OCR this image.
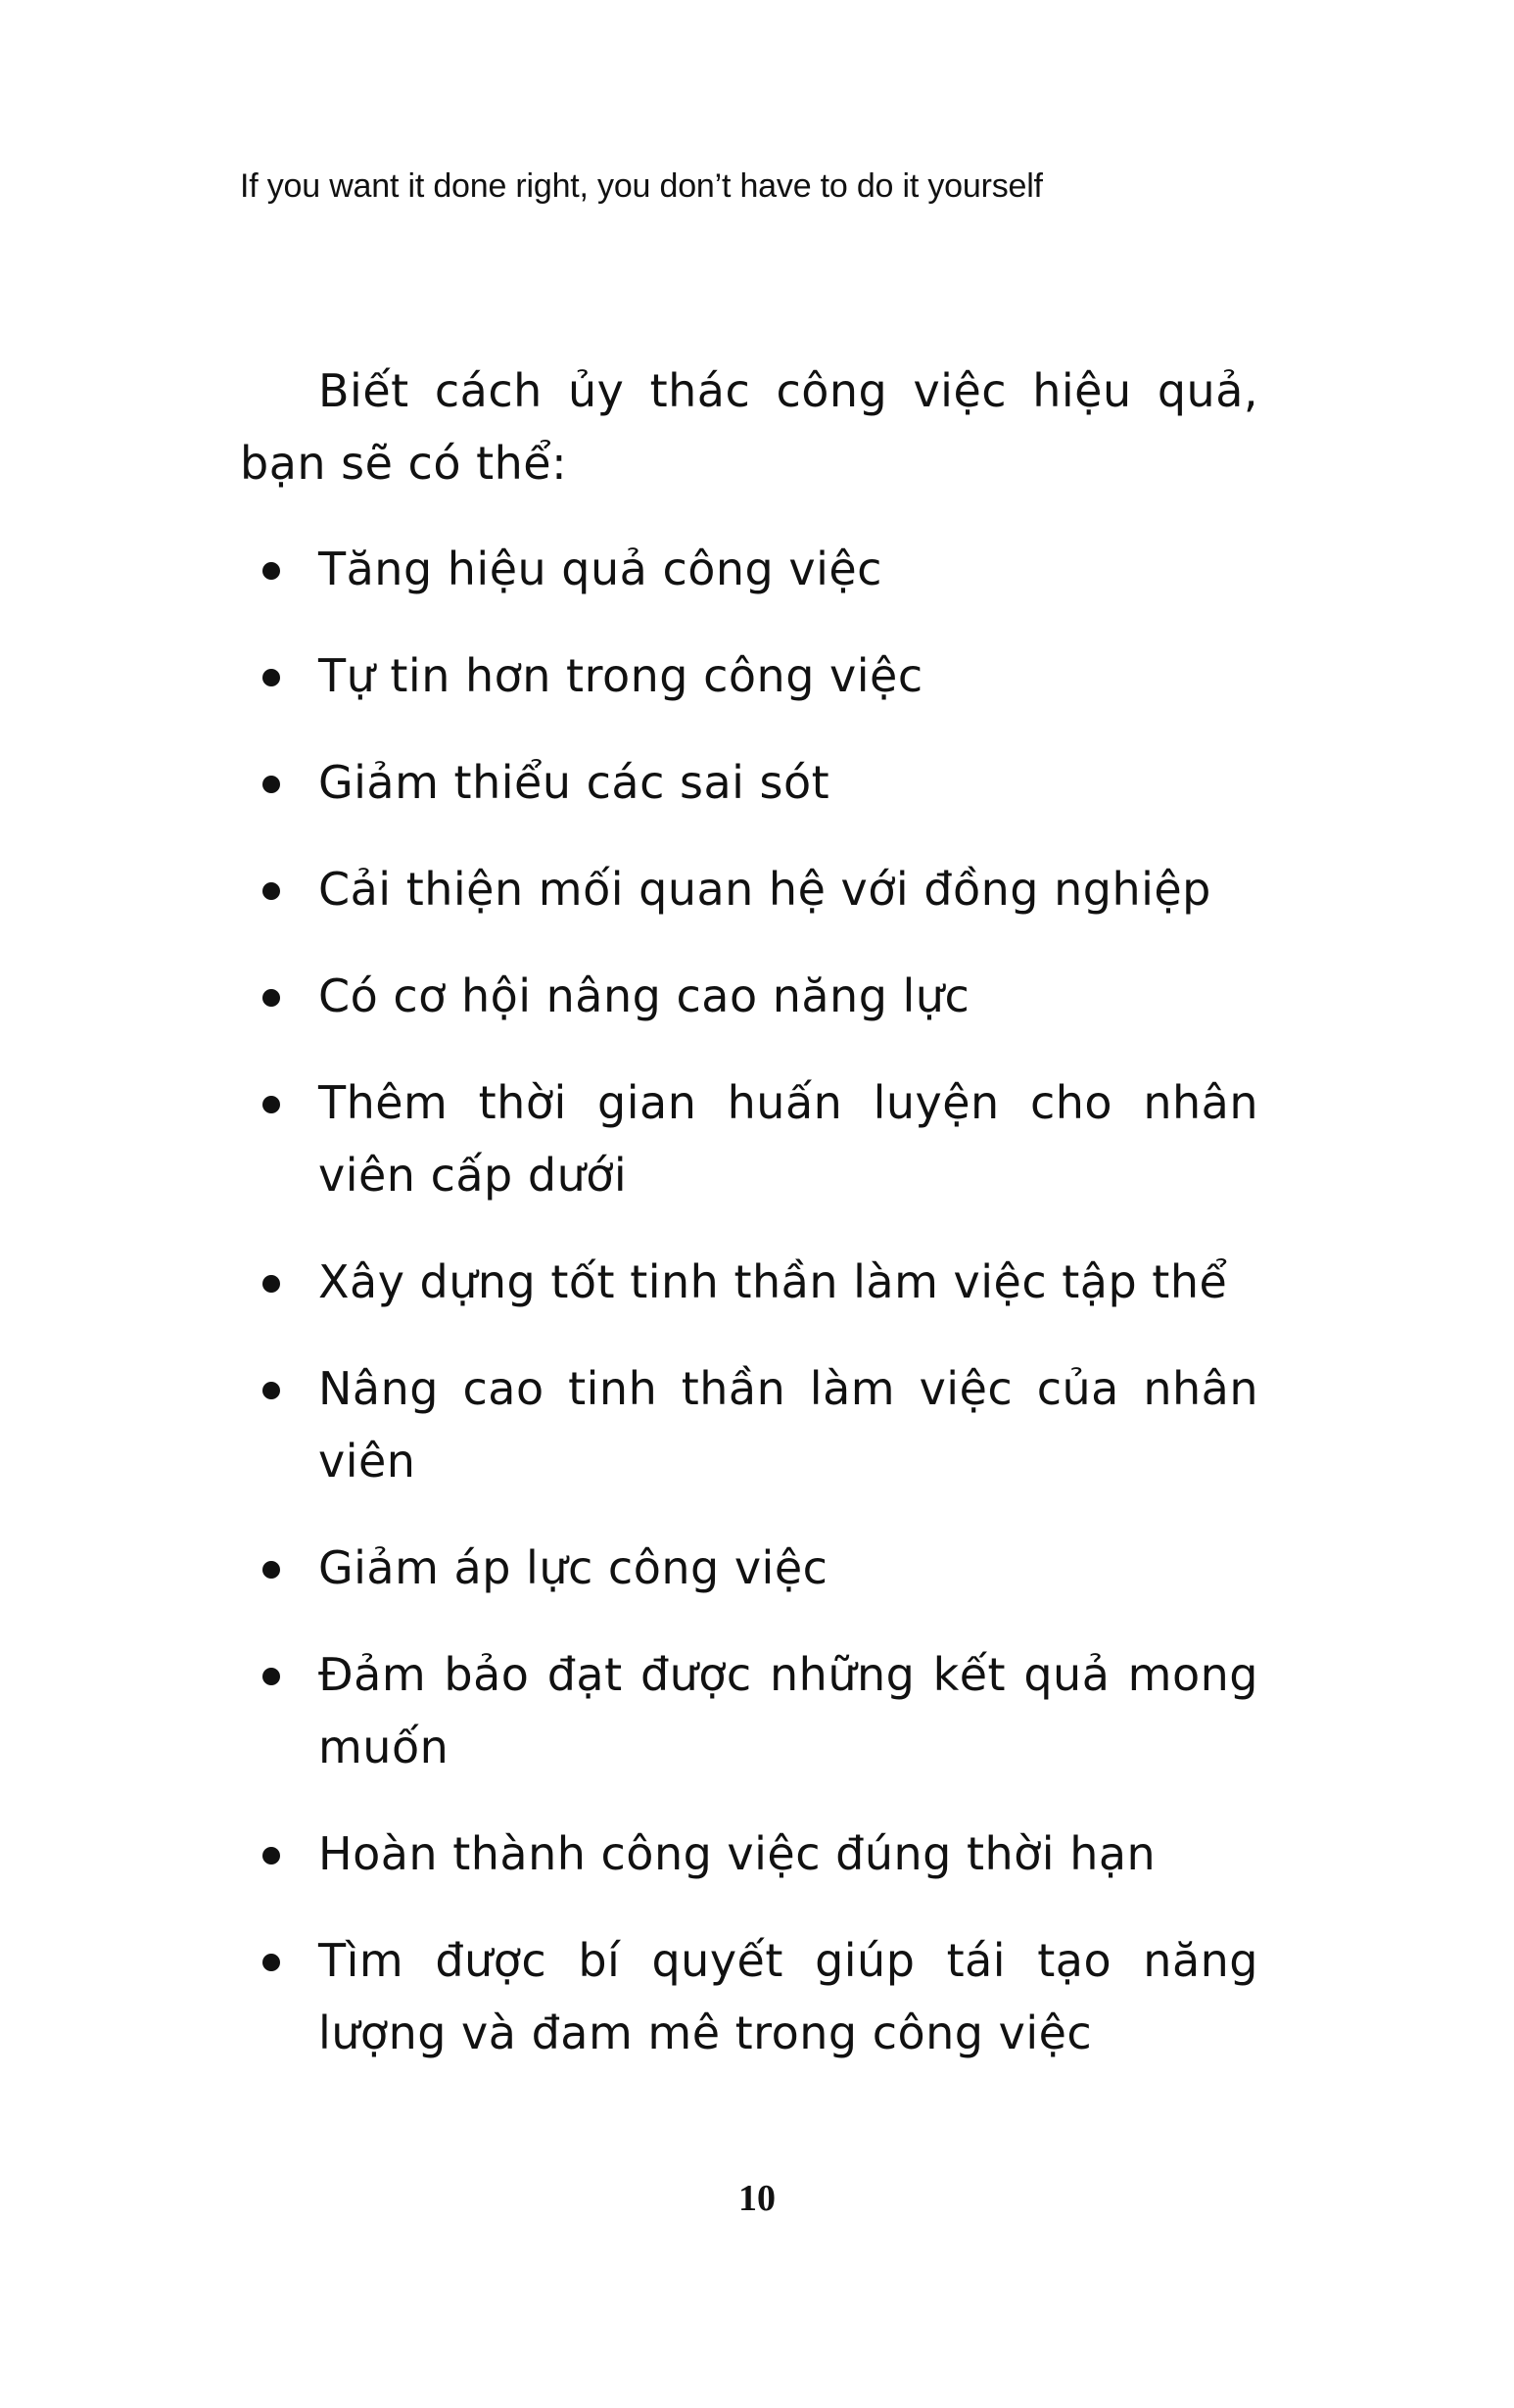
If you want it done right, you don’t have to do it yourself

Biết cách ủy thác công việc hiệu quả, bạn sẽ có thể:

Tăng hiệu quả công việc
Tự tin hơn trong công việc
Giảm thiểu các sai sót
Cải thiện mối quan hệ với đồng nghiệp
Có cơ hội nâng cao năng lực
Thêm thời gian huấn luyện cho nhân viên cấp dưới
Xây dựng tốt tinh thần làm việc tập thể
Nâng cao tinh thần làm việc của nhân viên
Giảm áp lực công việc
Đảm bảo đạt được những kết quả mong muốn
Hoàn thành công việc đúng thời hạn
Tìm được bí quyết giúp tái tạo năng lượng và đam mê trong công việc
10
